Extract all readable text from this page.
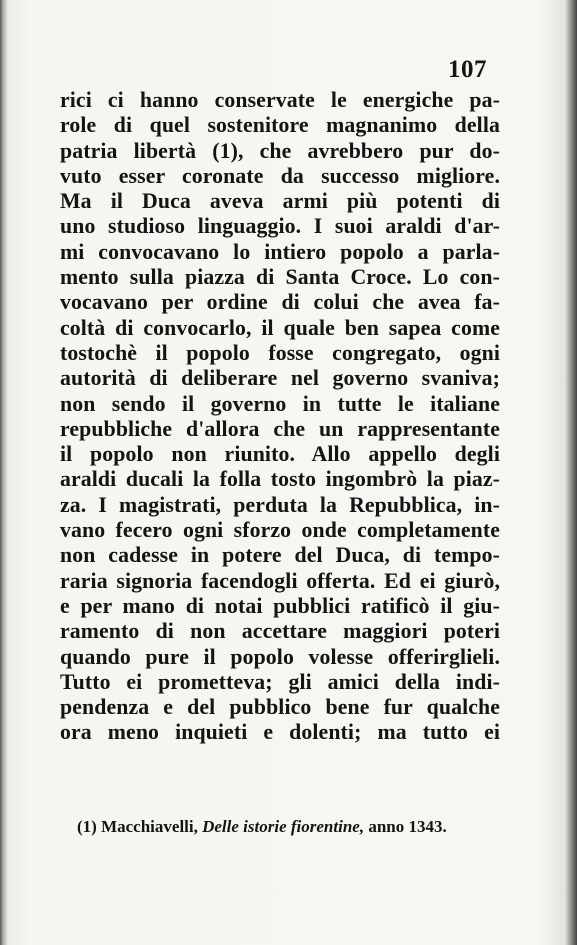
107
rici ci hanno conservate le energiche pa-
role di quel sostenitore magnanimo della
patria libertà (1), che avrebbero pur do-
vuto esser coronate da successo migliore.
Ma il Duca aveva armi più potenti di
uno studioso linguaggio. I suoi araldi d'ar-
mi convocavano lo intiero popolo a parla-
mento sulla piazza di Santa Croce. Lo con-
vocavano per ordine di colui che avea fa-
coltà di convocarlo, il quale ben sapea come
tostochè il popolo fosse congregato, ogni
autorità di deliberare nel governo svaniva;
non sendo il governo in tutte le italiane
repubbliche d'allora che un rappresentante
il popolo non riunito. Allo appello degli
araldi ducali la folla tosto ingombrò la piaz-
za. I magistrati, perduta la Repubblica, in-
vano fecero ogni sforzo onde completamente
non cadesse in potere del Duca, di tempo-
raria signoria facendogli offerta. Ed ei giurò,
e per mano di notai pubblici ratificò il giu-
ramento di non accettare maggiori poteri
quando pure il popolo volesse offerirglieli.
Tutto ei prometteva; gli amici della indi-
pendenza e del pubblico bene fur qualche
ora meno inquieti e dolenti; ma tutto ei
(1) Macchiavelli, Delle istorie fiorentine, anno 1343.
